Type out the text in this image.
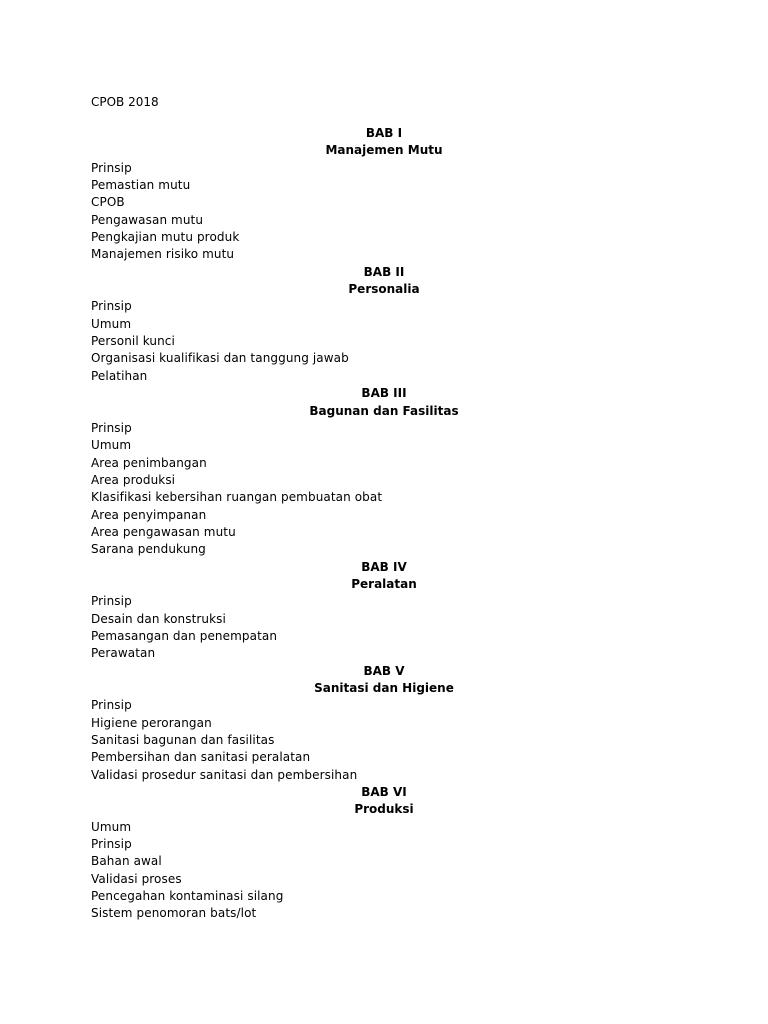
CPOB 2018
BAB I
Manajemen Mutu
Prinsip
Pemastian mutu
CPOB
Pengawasan mutu
Pengkajian mutu produk
Manajemen risiko mutu
BAB II
Personalia
Prinsip
Umum
Personil kunci
Organisasi kualifikasi dan tanggung jawab
Pelatihan
BAB III
Bagunan dan Fasilitas
Prinsip
Umum
Area penimbangan
Area produksi
Klasifikasi kebersihan ruangan pembuatan obat
Area penyimpanan
Area pengawasan mutu
Sarana pendukung
BAB IV
Peralatan
Prinsip
Desain dan konstruksi
Pemasangan dan penempatan
Perawatan
BAB V
Sanitasi dan Higiene
Prinsip
Higiene perorangan
Sanitasi bagunan dan fasilitas
Pembersihan dan sanitasi peralatan
Validasi prosedur sanitasi dan pembersihan
BAB VI
Produksi
Umum
Prinsip
Bahan awal
Validasi proses
Pencegahan kontaminasi silang
Sistem penomoran bats/lot
